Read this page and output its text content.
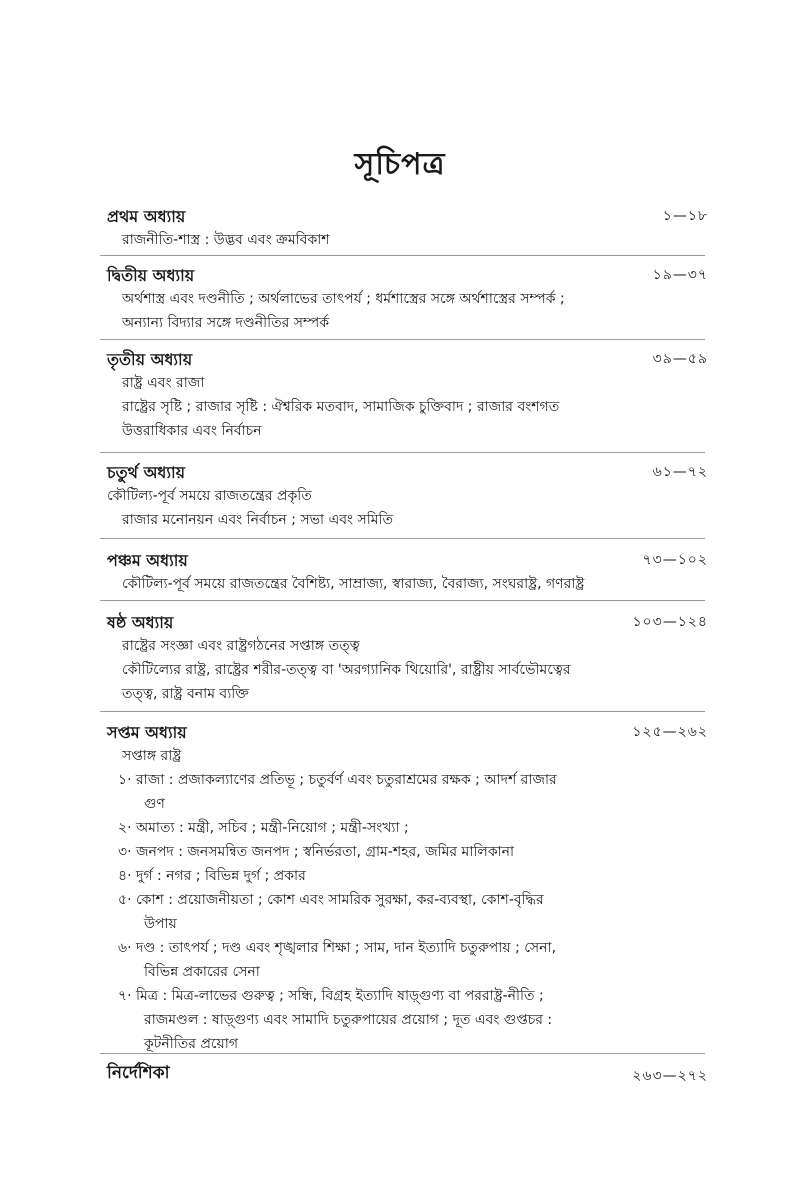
সূচিপত্র
প্রথম অধ্যায়	১—১৮
রাজনীতি-শাস্ত্র : উদ্ভব এবং ক্রমবিকাশ
দ্বিতীয় অধ্যায়	১৯—৩৭
অর্থশাস্ত্র এবং দণ্ডনীতি ; অর্থলাভের তাৎপর্য ; ধর্মশাস্ত্রের সঙ্গে অর্থশাস্ত্রের সম্পর্ক ;
অন্যান্য বিদ্যার সঙ্গে দণ্ডনীতির সম্পর্ক
তৃতীয় অধ্যায়	৩৯—৫৯
রাষ্ট্র এবং রাজা
রাষ্ট্রের সৃষ্টি ; রাজার সৃষ্টি : ঐশ্বরিক মতবাদ, সামাজিক চুক্তিবাদ ; রাজার বংশগত
উত্তরাধিকার এবং নির্বাচন
চতুর্থ অধ্যায়	৬১—৭২
কৌটিল্য-পূর্ব সময়ে রাজতন্ত্রের প্রকৃতি
রাজার মনোনয়ন এবং নির্বাচন ; সভা এবং সমিতি
পঞ্চম অধ্যায়	৭৩—১০২
কৌটিল্য-পূর্ব সময়ে রাজতন্ত্রের বৈশিষ্ট্য, সাম্রাজ্য, স্বারাজ্য, বৈরাজ্য, সংঘরাষ্ট্র, গণরাষ্ট্র
ষষ্ঠ অধ্যায়	১০৩—১২৪
রাষ্ট্রের সংজ্ঞা এবং রাষ্ট্রগঠনের সপ্তাঙ্গ তত্ত্ব
কৌটিল্যের রাষ্ট্র, রাষ্ট্রের শরীর-তত্ত্ব বা 'অরগ্যানিক থিয়োরি', রাষ্ট্রীয় সার্বভৌমত্বের
তত্ত্ব, রাষ্ট্র বনাম ব্যক্তি
সপ্তম অধ্যায়	১২৫—২৬২
সপ্তাঙ্গ রাষ্ট্র
১· রাজা : প্রজাকল্যাণের প্রতিভূ ; চতুর্বর্ণ এবং চতুরাশ্রমের রক্ষক ; আদর্শ রাজার
গুণ
২· অমাত্য : মন্ত্রী, সচিব ; মন্ত্রী-নিয়োগ ; মন্ত্রী-সংখ্যা ;
৩· জনপদ : জনসমন্বিত জনপদ ; স্বনির্ভরতা, গ্রাম-শহর, জমির মালিকানা
৪· দুর্গ : নগর ; বিভিন্ন দুর্গ ; প্রকার
৫· কোশ : প্রয়োজনীয়তা ; কোশ এবং সামরিক সুরক্ষা, কর-ব্যবস্থা, কোশ-বৃদ্ধির
উপায়
৬· দণ্ড : তাৎপর্য ; দণ্ড এবং শৃঙ্খলার শিক্ষা ; সাম, দান ইত্যাদি চতুরুপায় ; সেনা,
বিভিন্ন প্রকারের সেনা
৭· মিত্র : মিত্র-লাভের গুরুত্ব ; সন্ধি, বিগ্রহ ইত্যাদি ষাড়্গুণ্য বা পররাষ্ট্র-নীতি ;
রাজমণ্ডল : ষাড়্গুণ্য এবং সামাদি চতুরুপায়ের প্রয়োগ ; দূত এবং গুপ্তচর :
কূটনীতির প্রয়োগ
নির্দেশিকা	২৬৩—২৭২
